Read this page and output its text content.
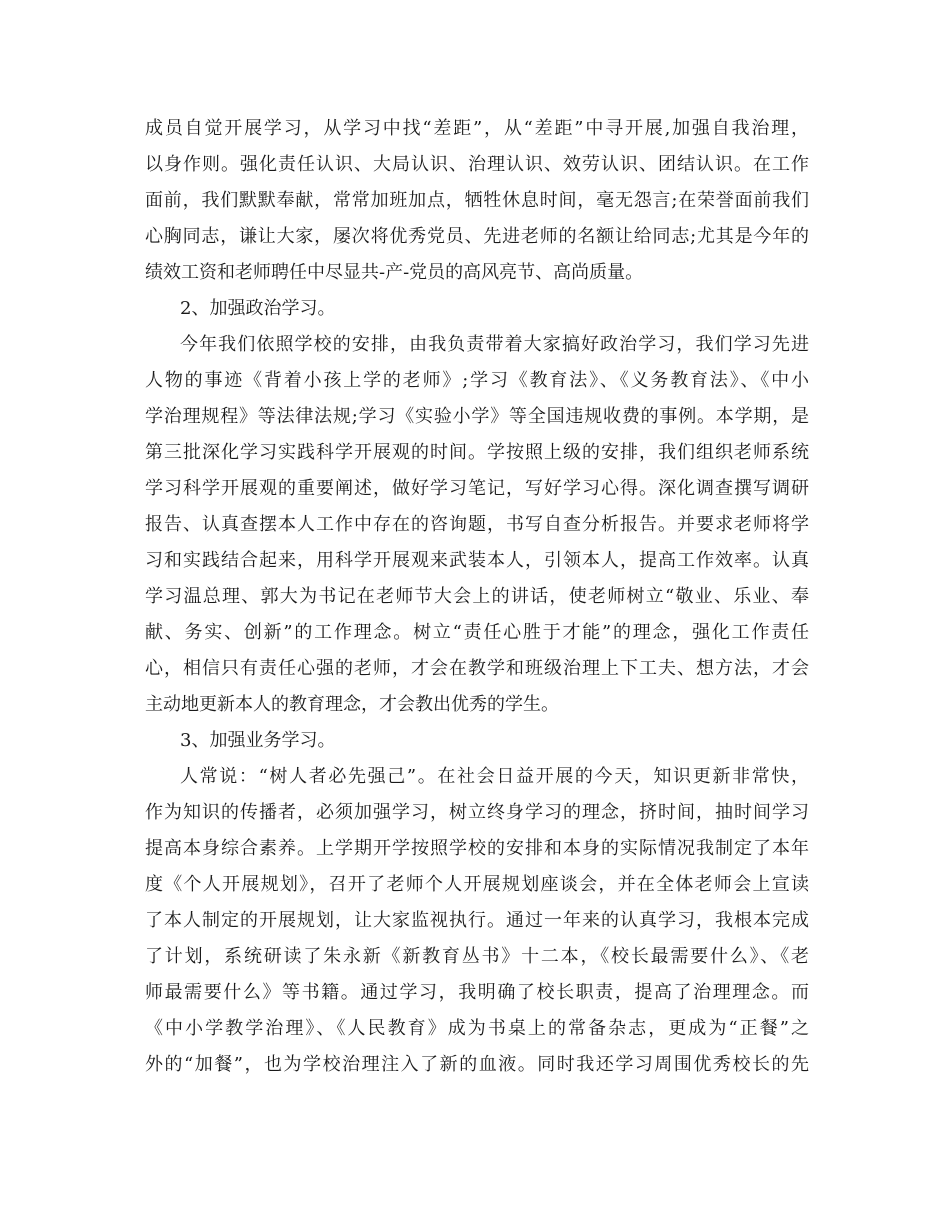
成员自觉开展学习，从学习中找“差距”，从“差距”中寻开展,加强自我治理，
以身作则。强化责任认识、大局认识、治理认识、效劳认识、团结认识。在工作
面前，我们默默奉献，常常加班加点，牺牲休息时间，毫无怨言;在荣誉面前我们
心胸同志，谦让大家，屡次将优秀党员、先进老师的名额让给同志;尤其是今年的
绩效工资和老师聘任中尽显共-产-党员的高风亮节、高尚质量。
2、加强政治学习。
今年我们依照学校的安排，由我负责带着大家搞好政治学习，我们学习先进
人物的事迹《背着小孩上学的老师》;学习《教育法》、《义务教育法》、《中小
学治理规程》等法律法规;学习《实验小学》等全国违规收费的事例。本学期，是
第三批深化学习实践科学开展观的时间。学按照上级的安排，我们组织老师系统
学习科学开展观的重要阐述，做好学习笔记，写好学习心得。深化调查撰写调研
报告、认真查摆本人工作中存在的咨询题，书写自查分析报告。并要求老师将学
习和实践结合起来，用科学开展观来武装本人，引领本人，提高工作效率。认真
学习温总理、郭大为书记在老师节大会上的讲话，使老师树立“敬业、乐业、奉
献、务实、创新”的工作理念。树立“责任心胜于才能”的理念，强化工作责任
心，相信只有责任心强的老师，才会在教学和班级治理上下工夫、想方法，才会
主动地更新本人的教育理念，才会教出优秀的学生。
3、加强业务学习。
人常说：“树人者必先强己”。在社会日益开展的今天，知识更新非常快，
作为知识的传播者，必须加强学习，树立终身学习的理念，挤时间，抽时间学习
提高本身综合素养。上学期开学按照学校的安排和本身的实际情况我制定了本年
度《个人开展规划》，召开了老师个人开展规划座谈会，并在全体老师会上宣读
了本人制定的开展规划，让大家监视执行。通过一年来的认真学习，我根本完成
了计划，系统研读了朱永新《新教育丛书》十二本，《校长最需要什么》、《老
师最需要什么》等书籍。通过学习，我明确了校长职责，提高了治理理念。而
《中小学教学治理》、《人民教育》成为书桌上的常备杂志，更成为“正餐”之
外的“加餐”，也为学校治理注入了新的血液。同时我还学习周围优秀校长的先
